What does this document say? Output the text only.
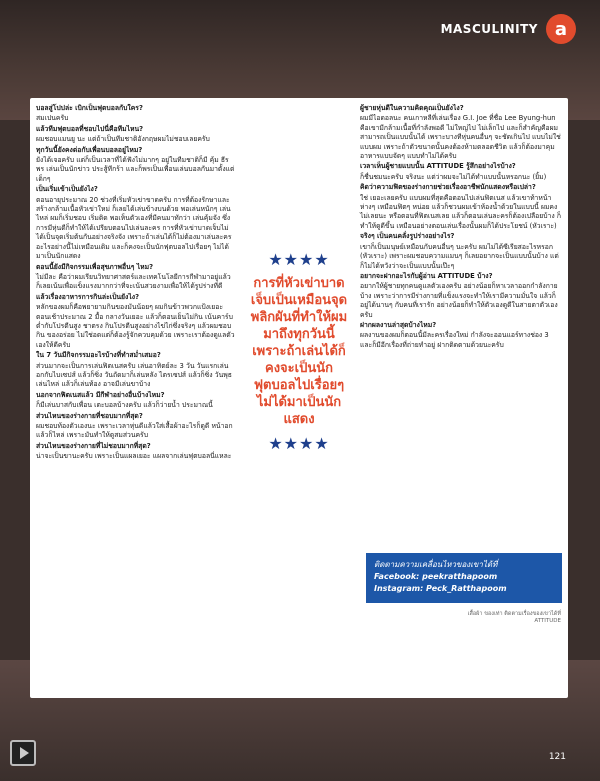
MASCULINITY a

บอลสู่โปปล่ะ เบิกเป็นฟุตบอลกับใคร?

สมเปนครับ

แล้วทีมฟุตบอลที่ชอบไปนี่คือทีมไหน?

ผมชอบแมนยู นะ แต่ถ้าเป็นทีมชาติอังกฤษผมไม่ชอบเลยครับ

ทุกวันนี้ยังคงต่อกับเพื่อนบอลอยู่ไหม?

ยังได้เจอครับ แต่ก็เป็นเวลาที่ได้ฟังไม่มากๆ อยู่ในทีมชาติก็มี คุ้ม ธีรพร เล่นเป็นนักข่าว ประสู้ทีกร้า และก็พรเป็นเพื่อนเล่นบอลกันมาตั้งแต่เด็กๆ

เป็นเริ่มเข้าเป็นยังไง?

ตอนอายุประมาณ 20 ช่วงที่เริ่มหัวเข่าขาดครับ การที่ต้องรักษาและสร้างกล้ามเนื้อหัวเข่าใหม่ ก็เลยได้เล่นข้างบนด้วย พอเล่นหนักๆ เล่นไหล่ ผมก็เริ่มชอบ เริ่มติด พอเห็นตัวเองที่มีคนมาทักว่า เล่นคุ้มจัง ซึ่งการมีหุ่นดีก็ทำให้ได้เปรียบตอนไปเล่นละคร การที่หัวเข่าบาดเจ็บไม่ได้เป็นจุดเริ่มต้นกันอย่างจริงจัง เพราะถ้าเล่นได้ก็ไม่ต้องมาเล่นละครอะไรอย่างนี้ไม่เหมือนเดิม และก็คงจะเป็นนักฟุตบอลไปเรื่อยๆ ไม่ได้มาเป็นนักแสดง

ตอนนี้ยังมีกิจกรรมเพื่อสุขภาพอื่นๆ ไหม?

ไม่มีละ คือว่าผมเรียนวิทยาศาสตร์และเทคโนโลยีการกีฬามาอยู่แล้ว ก็เลยเน้นเพื่อแข็งแรงมากกว่าที่จะเน้นสวยงามเพื่อให้ได้รูปร่างที่ดี

แล้วเรื่องอาหารการกินล่ะเป็นยังไง?

หลักของผมก็คือพยายามกินของมันน้อยๆ ผมกินข้าวพวกแป้งเยอะตอนเช้าประมาณ 2 มื้อ กลางวันเยอะ แล้วก็ตอนเย็นไม่กิน เน้นคาร์บต่ำกับโปรตีนสูง ชาตรง กินโปรตีนสูงอย่างไข่ไก่ซึ่งจริงๆ แล้วผมชอบกิน ของอร่อย ไม่ใช่อดแต่ก็ต้องรู้จักควบคุมด้วย เพราะเราต้องดูแลตัวเองให้ดีครับ

ใน 7 วันมีกิจกรรมอะไรบ้างที่ทำสม่ำเสมอ?

ส่วนมากจะเป็นการเล่นฟิตเนสครับ เล่นอาทิตย์ละ 3 วัน วันแรกเล่นอกกับไบเซปส์ แล้วก็ซิ่ง วันถัดมาก็เล่นหลัง ไตรเซปส์ แล้วก็ซิ่ง วันพุธเล่นไหล่ แล้วก็เล่นท้อง อาจมีเล่นขาบ้าง

นอกจากฟิตเนสแล้ว มีกีฬาอย่างอื่นบ้างไหม?

ก็มีเล่นบาสกับเพื่อน เตะบอลบ้างครับ แล้วก็ว่ายน้ำ ประมาณนี้

ส่วนไหนของร่างกายที่ชอบมากที่สุด?

ผมชอบท้องตัวเองนะ เพราะเวลาหุ่นดีแล้วใส่เสื้อผ้าอะไรก็ดูดี หน้าอกแล้วก็ไหล่ เพราะมันทำให้ดูสมส่วนครับ

ส่วนไหนของร่างกายที่ไม่ชอบมากที่สุด?

น่าจะเป็นขานะครับ เพราะเป็นแผลเยอะ แผลจากเล่นฟุตบอลนี่แหละ

★★★★
การที่หัวเข่าบาดเจ็บเป็นเหมือนจุดพลิกผันที่ทำให้ผมมาถึงทุกวันนี้ เพราะถ้าเล่นได้ก็คงจะเป็นนักฟุตบอลไปเรื่อยๆ ไม่ได้มาเป็นนักแสดง
★★★★

ผู้ชายหุ่นดีในความคิดคุณเป็นยังไง?

ผมมีไอดอลนะ คนเกาหลีที่เล่นเรื่อง G.I. Joe ที่ชื่อ Lee Byung-hun คือเขามีกล้ามเนื้อที่กำลังพอดี ไม่ใหญ่ไป ไม่เล็กไป และก็สำคัญคือผมสามารถเป็นแบบนั้นได้ เพราะบางทีหุ่นคนอื่นๆ จะชัดเกินไป แบบไม่ใช่แบบผม เพราะถ้าตัวขนาดนั้นคงต้องห้ามตลอดชีวิต แล้วก็ต้องมาคุมอาหารแบบจัดๆ แบบทำไม่ได้ครับ

เวลาเห็นผู้ชายแบบนั้น ATTITUDE รู้สึกอย่างไรบ้าง?

ก็ชื่นชมนะครับ จริงนะ แต่ว่าผมจะไม่ได้ทำแบบนั้นหรอกนะ (ยิ้ม)

คิดว่าความฟิตของร่างกายช่วยเรื่องอาชีพนักแสดงหรือเปล่า?

ใช่ เยอะเลยครับ แบบผมที่สุดคือตอนไปเล่นฟิตเนส แล้วเขาท้าหน้าห่างๆ เหมือนฟิตๆ หน่อย แล้วก็ชวนผมเข้าห้องน้ำด้วยในแบบนี้ ผมคงไม่เลยนะ หรือตอนที่ฟิตเนสเลย แล้วก็ตอนเล่นละครก็ต้องเปลือยบ้าง ก็ทำให้ดูดีขึ้น เหมือนอย่างตอนเล่นเรื่องนั้นผมก็ได้ประโยชน์ (หัวเราะ)

จริงๆ เป็นคนคลั่งรูปร่างอย่างไร?

เขาก็เป็นมนุษย์เหมือนกับคนอื่นๆ นะครับ ผมไม่ได้ซีเรียสอะไรหรอก (หัวเราะ) เพราะผมชอบความแมนๆ ก็เลยอยากจะเป็นแบบนั้นบ้าง แต่ก็ไม่ได้หวังว่าจะเป็นแบบนั้นเป๊ะๆ

อยากจะฝากอะไรกับผู้อ่าน ATTITUDE บ้าง?

อยากให้ผู้ชายทุกคนดูแลตัวเองครับ อย่างน้อยก็หาเวลาออกกำลังกายบ้าง เพราะว่าการมีร่างกายที่แข็งแรงจะทำให้เรามีความมั่นใจ แล้วก็อยู่ได้นานๆ กับคนที่เรารัก อย่างน้อยก็ทำให้ตัวเองดูดีในสายตาตัวเองครับ

ฝากผลงานล่าสุดบ้างไหม?

ผลงานของผมก็ตอนนี้มีละครเรื่องใหม่ กำลังจะออนแอร์ทางช่อง 3 และก็มีอีกเรื่องที่ถ่ายทำอยู่ ฝากติดตามด้วยนะครับ

ติดตามความเคลื่อนไหวของเขาได้ที่
Facebook: peekratthapoom
Instagram: Peck_Ratthapoom
เสื้อผ้า ของเท่า ติดตามเรื่องของเขาได้ที่ ATTITUDE
121
